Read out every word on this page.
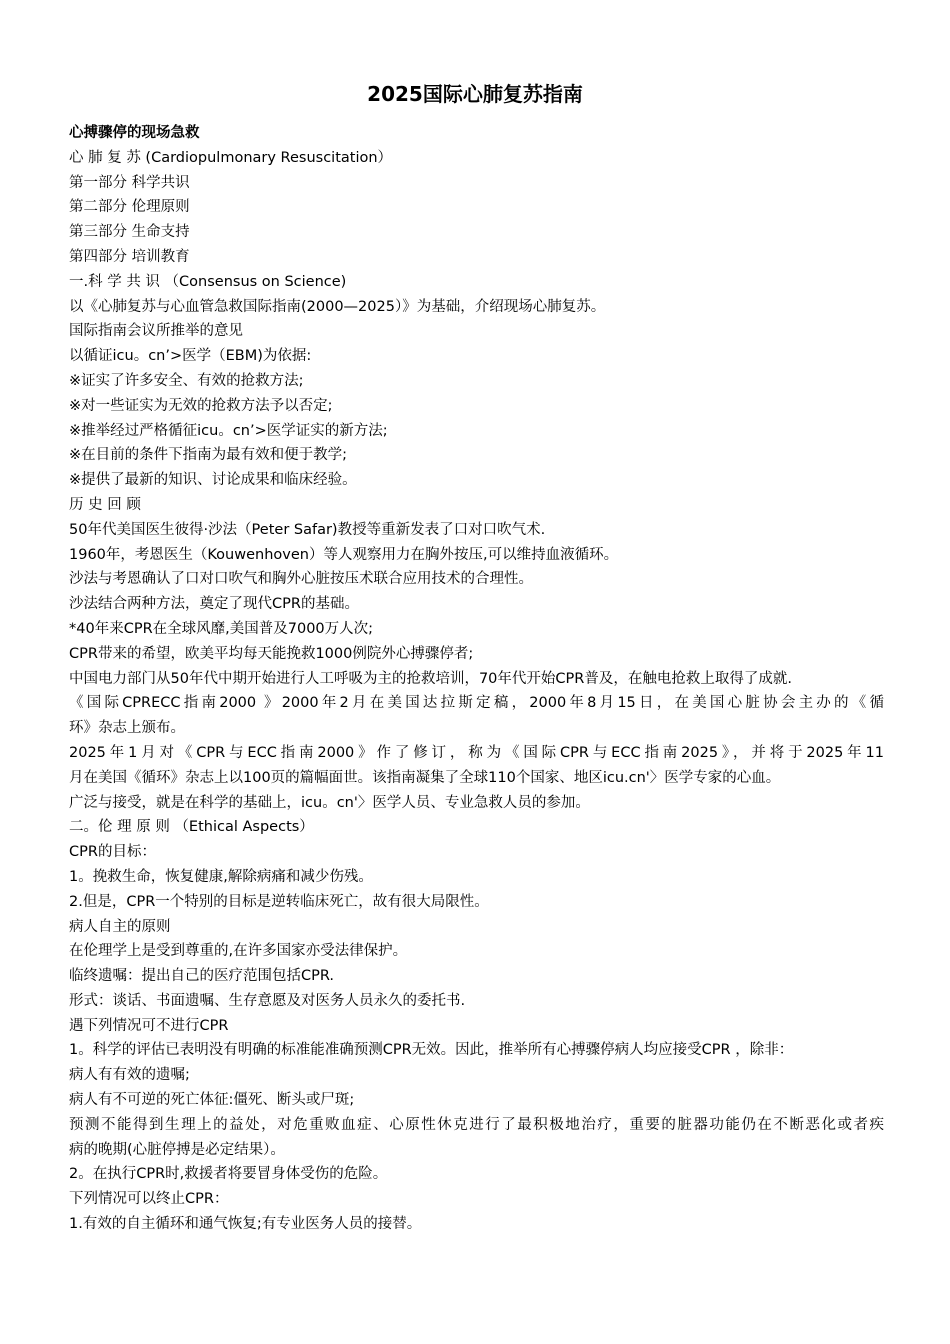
2025国际心肺复苏指南
心搏骤停的现场急救
心 肺 复 苏 (Cardiopulmonary Resuscitation）
第一部分 科学共识
第二部分 伦理原则
第三部分 生命支持
第四部分 培训教育
一.科 学 共 识 （Consensus on Science)
以《心肺复苏与心血管急救国际指南(2000—2025）》为基础，介绍现场心肺复苏。
国际指南会议所推举的意见
以循证icu。cn’>医学（EBM)为依据:
※证实了许多安全、有效的抢救方法;
※对一些证实为无效的抢救方法予以否定;
※推举经过严格循征icu。cn’>医学证实的新方法;
※在目前的条件下指南为最有效和便于教学;
※提供了最新的知识、讨论成果和临床经验。
历 史 回 顾
50年代美国医生彼得·沙法（Peter Safar)教授等重新发表了口对口吹气术.
1960年，考恩医生（Kouwenhoven）等人观察用力在胸外按压,可以维持血液循环。
沙法与考恩确认了口对口吹气和胸外心脏按压术联合应用技术的合理性。
沙法结合两种方法，奠定了现代CPR的基础。
*40年来CPR在全球风靡,美国普及7000万人次;
CPR带来的希望，欧美平均每天能挽救1000例院外心搏骤停者;
中国电力部门从50年代中期开始进行人工呼吸为主的抢救培训，70年代开始CPR普及，在触电抢救上取得了成就.
《国际CPRECC指南2000 》2000年2月在美国达拉斯定稿，2000年8月15日，在美国心脏协会主办的《循
环》杂志上颁布。
2025年1月对《CPR与ECC指南2000》作了修订，称为《国际CPR与ECC指南2025》，并将于2025年11
月在美国《循环》杂志上以100页的篇幅面世。该指南凝集了全球110个国家、地区icu.cn'〉医学专家的心血。
广泛与接受，就是在科学的基础上，icu。cn'〉医学人员、专业急救人员的参加。
二。伦 理 原 则 （Ethical Aspects）
CPR的目标：
1。挽救生命，恢复健康,解除病痛和减少伤残。
2.但是，CPR一个特别的目标是逆转临床死亡，故有很大局限性。
病人自主的原则
在伦理学上是受到尊重的,在许多国家亦受法律保护。
临终遗嘱：提出自己的医疗范围包括CPR.
形式：谈话、书面遗嘱、生存意愿及对医务人员永久的委托书.
遇下列情况可不进行CPR
1。科学的评估已表明没有明确的标准能准确预测CPR无效。因此，推举所有心搏骤停病人均应接受CPR ，除非：
病人有有效的遗嘱;
病人有不可逆的死亡体征:僵死、断头或尸斑;
预测不能得到生理上的益处，对危重败血症、心原性休克进行了最积极地治疗，重要的脏器功能仍在不断恶化或者疾
病的晚期(心脏停搏是必定结果）。
2。在执行CPR时,救援者将要冒身体受伤的危险。
下列情况可以终止CPR：
1.有效的自主循环和通气恢复;有专业医务人员的接替。
